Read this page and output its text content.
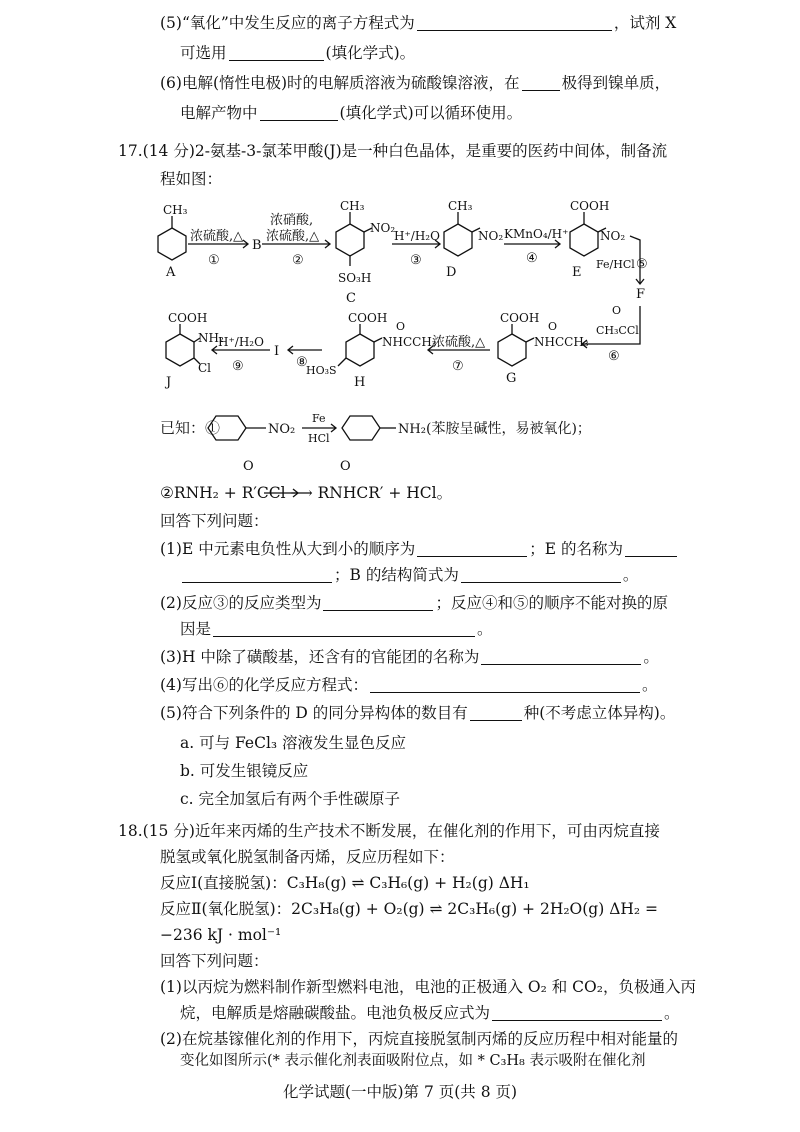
(5)“氧化”中发生反应的离子方程式为	，试剂 X
可选用	(填化学式)。
(6)电解(惰性电极)时的电解质溶液为硫酸镍溶液，在	极得到镍单质，
电解产物中	(填化学式)可以循环使用。
17.(14 分)2-氨基-3-氯苯甲酸(J)是一种白色晶体，是重要的医药中间体，制备流
程如图：
CH₃
A
浓硫酸,△
①
B
浓硝酸,
浓硫酸,△
②
CH₃
NO₂
SO₃H
C
H⁺/H₂O
③
CH₃
NO₂
D
KMnO₄/H⁺
④
COOH
NO₂
E
Fe/HCl ⑤
F
O
CH₃CCl
⑥
COOH
O
NHCCH₃
G
浓硫酸,△
⑦
COOH
O
NHCCH₃
HO₃S
H
⑧
I
H⁺/H₂O
⑨
COOH
NH₂
Cl
J
已知：①	NO₂
Fe
HCl
NH₂ (苯胺呈碱性，易被氧化)；
O	O
②RNH₂ + R′CCl ⟶ RNHCR′ + HCl。
回答下列问题：
(1)E 中元素电负性从大到小的顺序为	；E 的名称为
；B 的结构简式为	。
(2)反应③的反应类型为	；反应④和⑤的顺序不能对换的原
因是	。
(3)H 中除了磺酸基，还含有的官能团的名称为	。
(4)写出⑥的化学反应方程式：	。
(5)符合下列条件的 D 的同分异构体的数目有	种(不考虑立体异构)。
a. 可与 FeCl₃ 溶液发生显色反应
b. 可发生银镜反应
c. 完全加氢后有两个手性碳原子
18.(15 分)近年来丙烯的生产技术不断发展，在催化剂的作用下，可由丙烷直接
脱氢或氧化脱氢制备丙烯，反应历程如下：
反应Ⅰ(直接脱氢)：C₃H₈(g) ⇌ C₃H₆(g) + H₂(g) ΔH₁
反应Ⅱ(氧化脱氢)：2C₃H₈(g) + O₂(g) ⇌ 2C₃H₆(g) + 2H₂O(g) ΔH₂ =
−236 kJ · mol⁻¹
回答下列问题：
(1)以丙烷为燃料制作新型燃料电池，电池的正极通入 O₂ 和 CO₂，负极通入丙
烷，电解质是熔融碳酸盐。电池负极反应式为	。
(2)在烷基镓催化剂的作用下，丙烷直接脱氢制丙烯的反应历程中相对能量的
变化如图所示(* 表示催化剂表面吸附位点，如 * C₃H₈ 表示吸附在催化剂
化学试题(一中版)第 7 页(共 8 页)
